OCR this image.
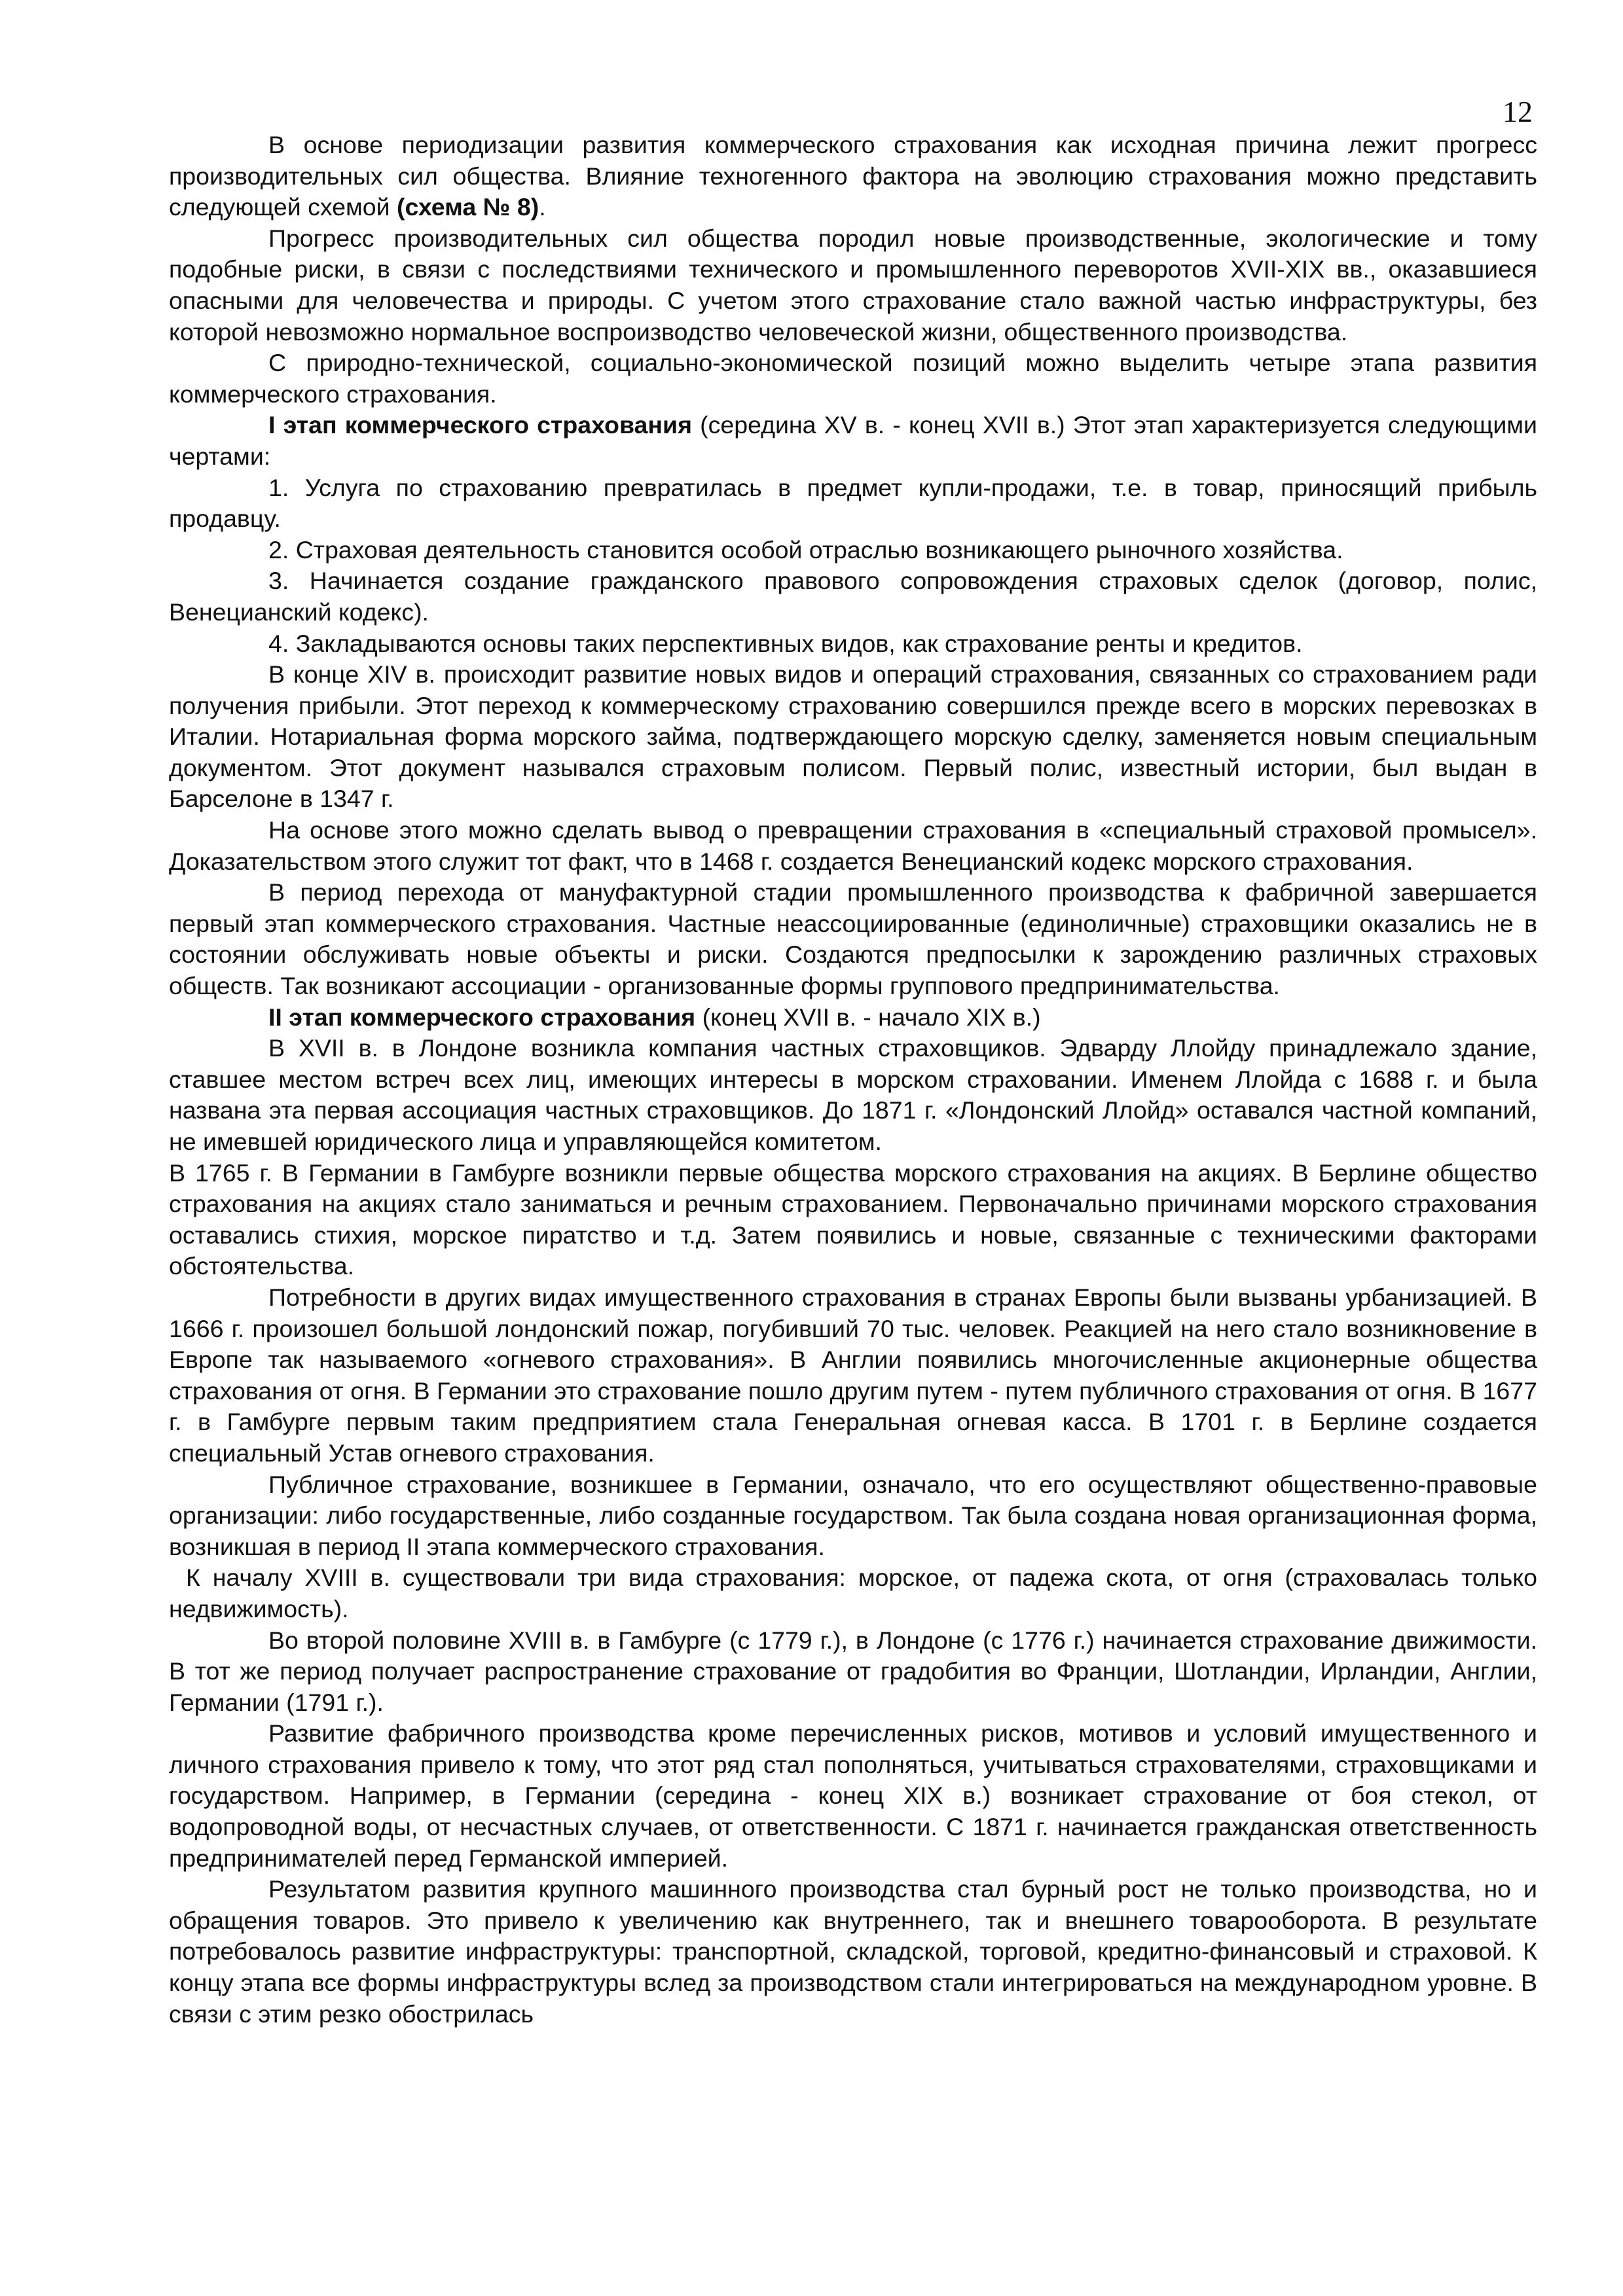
12

В основе периодизации развития коммерческого страхования как исходная причина лежит прогресс производительных сил общества. Влияние техногенного фактора на эволюцию страхования можно представить следующей схемой (схема № 8).

Прогресс производительных сил общества породил новые производственные, экологические и тому подобные риски, в связи с последствиями технического и промышленного переворотов XVII-XIX вв., оказавшиеся опасными для человечества и природы. С учетом этого страхование стало важной частью инфраструктуры, без которой невозможно нормальное воспроизводство человеческой жизни, общественного производства.

С природно-технической, социально-экономической позиций можно выделить четыре этапа развития коммерческого страхования.

I этап коммерческого страхования (середина XV в. - конец XVII в.) Этот этап характеризуется следующими чертами:

1. Услуга по страхованию превратилась в предмет купли-продажи, т.е. в товар, приносящий прибыль продавцу.

2. Страховая деятельность становится особой отраслью возникающего рыночного хозяйства.

3. Начинается создание гражданского правового сопровождения страховых сделок (договор, полис, Венецианский кодекс).

4. Закладываются основы таких перспективных видов, как страхование ренты и кредитов.

В конце XIV в. происходит развитие новых видов и операций страхования, связанных со страхованием ради получения прибыли. Этот переход к коммерческому страхованию совершился прежде всего в морских перевозках в Италии. Нотариальная форма морского займа, подтверждающего морскую сделку, заменяется новым специальным документом. Этот документ назывался страховым полисом. Первый полис, известный истории, был выдан в Барселоне в 1347 г.

На основе этого можно сделать вывод о превращении страхования в «специальный страховой промысел». Доказательством этого служит тот факт, что в 1468 г. создается Венецианский кодекс морского страхования.

В период перехода от мануфактурной стадии промышленного производства к фабричной завершается первый этап коммерческого страхования. Частные неассоциированные (единоличные) страховщики оказались не в состоянии обслуживать новые объекты и риски. Создаются предпосылки к зарождению различных страховых обществ. Так возникают ассоциации - организованные формы группового предпринимательства.

II этап коммерческого страхования (конец XVII в. - начало XIX в.)

В XVII в. в Лондоне возникла компания частных страховщиков. Эдварду Ллойду принадлежало здание, ставшее местом встреч всех лиц, имеющих интересы в морском страховании. Именем Ллойда с 1688 г. и была названа эта первая ассоциация частных страховщиков. До 1871 г. «Лондонский Ллойд» оставался частной компаний, не имевшей юридического лица и управляющейся комитетом.

В 1765 г. В Германии в Гамбурге возникли первые общества морского страхования на акциях. В Берлине общество страхования на акциях стало заниматься и речным страхованием. Первоначально причинами морского страхования оставались стихия, морское пиратство и т.д. Затем появились и новые, связанные с техническими факторами обстоятельства.

Потребности в других видах имущественного страхования в странах Европы были вызваны урбанизацией. В 1666 г. произошел большой лондонский пожар, погубивший 70 тыс. человек. Реакцией на него стало возникновение в Европе так называемого «огневого страхования». В Англии появились многочисленные акционерные общества страхования от огня. В Германии это страхование пошло другим путем - путем публичного страхования от огня. В 1677 г. в Гамбурге первым таким предприятием стала Генеральная огневая касса. В 1701 г. в Берлине создается специальный Устав огневого страхования.

Публичное страхование, возникшее в Германии, означало, что его осуществляют общественно-правовые организации: либо государственные, либо созданные государством. Так была создана новая организационная форма, возникшая в период II этапа коммерческого страхования.

К началу XVIII в. существовали три вида страхования: морское, от падежа скота, от огня (страховалась только недвижимость).

Во второй половине XVIII в. в Гамбурге (с 1779 г.), в Лондоне (с 1776 г.) начинается страхование движимости. В тот же период получает распространение страхование от градобития во Франции, Шотландии, Ирландии, Англии, Германии (1791 г.).

Развитие фабричного производства кроме перечисленных рисков, мотивов и условий имущественного и личного страхования привело к тому, что этот ряд стал пополняться, учитываться страхователями, страховщиками и государством. Например, в Германии (середина - конец XIX в.) возникает страхование от боя стекол, от водопроводной воды, от несчастных случаев, от ответственности. С 1871 г. начинается гражданская ответственность предпринимателей перед Германской империей.

Результатом развития крупного машинного производства стал бурный рост не только производства, но и обращения товаров. Это привело к увеличению как внутреннего, так и внешнего товарооборота. В результате потребовалось развитие инфраструктуры: транспортной, складской, торговой, кредитно-финансовый и страховой. К концу этапа все формы инфраструктуры вслед за производством стали интегрироваться на международном уровне. В связи с этим резко обострилась
